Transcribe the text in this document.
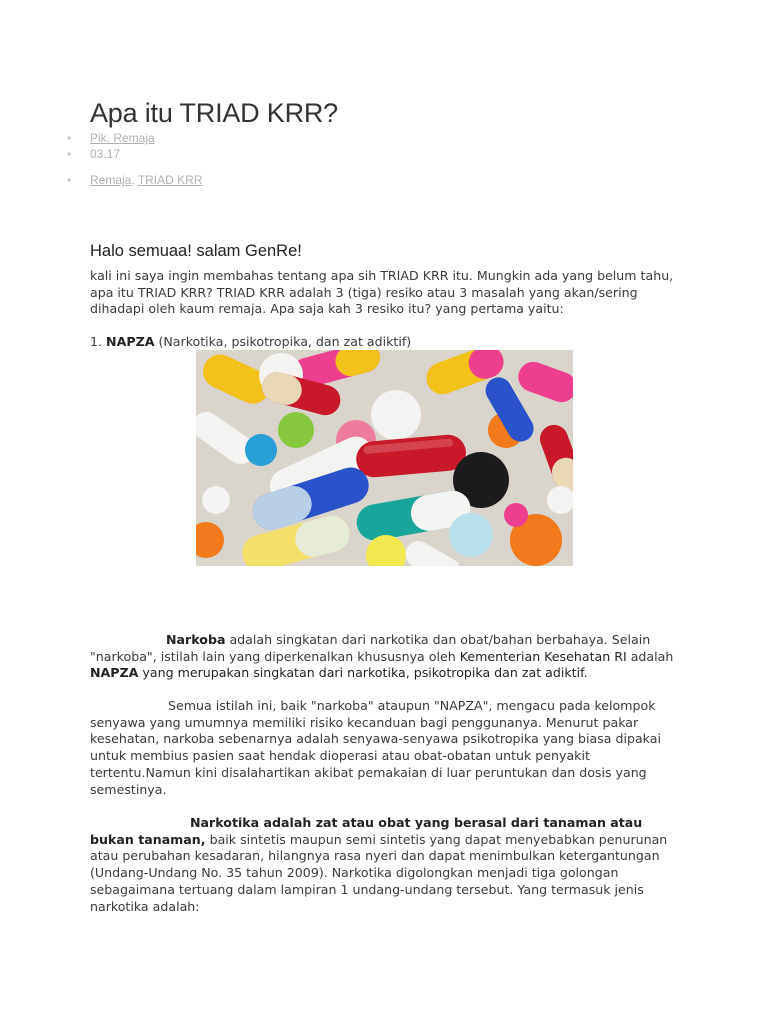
Apa itu TRIAD KRR?
• Pik. Remaja
• 03.17
• Remaja, TRIAD KRR
Halo semuaa! salam GenRe!

kali ini saya ingin membahas tentang apa sih TRIAD KRR itu. Mungkin ada yang belum tahu, apa itu TRIAD KRR? TRIAD KRR adalah 3 (tiga) resiko atau 3 masalah yang akan/sering dihadapi oleh kaum remaja. Apa saja kah 3 resiko itu? yang pertama yaitu:

1. NAPZA (Narkotika, psikotropika, dan zat adiktif)

Narkoba adalah singkatan dari narkotika dan obat/bahan berbahaya. Selain "narkoba", istilah lain yang diperkenalkan khususnya oleh Kementerian Kesehatan RI adalah NAPZA yang merupakan singkatan dari narkotika, psikotropika dan zat adiktif.

Semua istilah ini, baik "narkoba" ataupun "NAPZA", mengacu pada kelompok senyawa yang umumnya memiliki risiko kecanduan bagi penggunanya. Menurut pakar kesehatan, narkoba sebenarnya adalah senyawa-senyawa psikotropika yang biasa dipakai untuk membius pasien saat hendak dioperasi atau obat-obatan untuk penyakit tertentu.Namun kini disalahartikan akibat pemakaian di luar peruntukan dan dosis yang semestinya.

Narkotika adalah zat atau obat yang berasal dari tanaman atau bukan tanaman, baik sintetis maupun semi sintetis yang dapat menyebabkan penurunan atau perubahan kesadaran, hilangnya rasa nyeri dan dapat menimbulkan ketergantungan (Undang-Undang No. 35 tahun 2009). Narkotika digolongkan menjadi tiga golongan sebagaimana tertuang dalam lampiran 1 undang-undang tersebut. Yang termasuk jenis narkotika adalah:
